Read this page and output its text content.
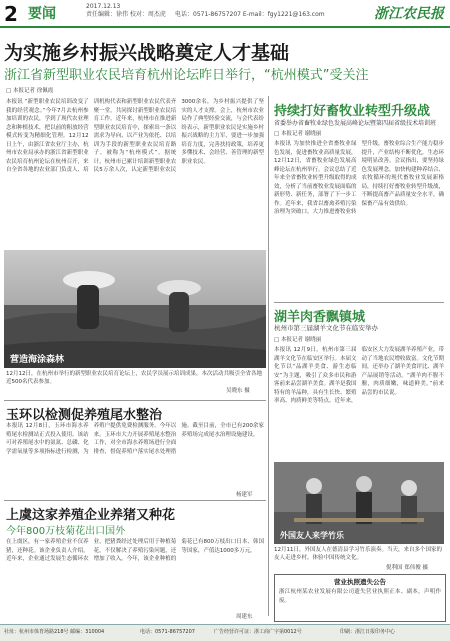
2 要闻	2017.12.13
责任编辑：徐伟 校对：周杰虎 电话：0571-86757207 E-mail：fgy1221@163.com	浙江农民报
为实施乡村振兴战略奠定人才基础
浙江省新型职业农民培育杭州论坛昨日举行，“杭州模式”受关注
□ 本报记者 徐佩霞
本报讯 “新型职业农民培训改变了我的经营观念。”今年7月去杭州参加培训的农民，学到了现代农业理念和种植技术，把以前的粗放经营模式转变为精细化管理。12月12日上午，由浙江省农业厅主办，杭州市农业局承办的浙江省新型职业农民培育杭州论坛在杭州召开，来自全省各地的农业部门负责人、培训机构代表和新型职业农民代表齐聚一堂，共同探讨新型职业农民培育工作。近年来，杭州市在推进新型职业农民培育中，探索出一条以需求为导向、以产业为依托、以培训为手段的新型职业农民培育路子，被称为“杭州模式”。据统计，杭州市已累计培训新型职业农民5万余人次，认定新型职业农民3000余名，为乡村振兴提供了坚实的人才支撑。会上，杭州市农业局作了典型经验交流，与会代表纷纷表示，新型职业农民是实施乡村振兴战略的主力军，要进一步加强培育力度，完善扶持政策，培养更多懂技术、会经营、善管理的新型职业农民。
营造海涂森林
12月12日，在杭州市举行的新型职业农民培育论坛上，农民学员展示培训成果。本次活动共吸引全省各地近500名代表参加。
吴晓东 摄
持续打好畜牧业转型升级战
省委举办省畜牧业绿色发展高峰论坛暨第四届省级技术培训班
□ 本报记者 谢晓丽
本报讯 为加快推进全省畜牧业绿色发展，促进畜牧业高质量发展，12月12日，省畜牧业绿色发展高峰论坛在杭州举行。会议总结了近年来全省畜牧业转型升级取得的成效，分析了当前畜牧业发展面临的新形势、新任务，部署了下一步工作。近年来，我省以畜禽养殖污染治理为突破口，大力推进畜牧业转型升级，畜牧业综合生产能力稳步提升，产业结构不断优化，生态环境明显改善。会议指出，要坚持绿色发展理念，加快构建种养结合、农牧循环的现代畜牧业发展新格局，持续打好畜牧业转型升级战，不断提高畜产品质量安全水平，确保畜产品有效供给。
湖羊肉香飘镇城
杭州市第三届湖羊文化节在临安举办
□ 本报记者 谢晓丽
本报讯 12月9日，杭州市第三届湖羊文化节在临安区举行。本届文化节以“品湖羊美食、游生态临安”为主题，吸引了众多市民和游客前来品尝湖羊美食。湖羊是我国特有的羊品种，具有生长快、繁殖率高、肉质鲜美等特点。近年来，临安区大力发展湖羊养殖产业，带动了当地农民增收致富。文化节期间，还举办了湖羊美食评比、湖羊产品展销等活动。“湖羊肉不腥不膻，肉质细嫩，味道鲜美。”前来品尝的市民说。
外国友人来学竹乐
12月11日，外国友人在德清县学习竹乐演奏。当天，来自多个国家的友人走进乡村，体验中国传统文化。
倪利国 郑伟俊 摄
营业执照遗失公告
浙江杭州某农业发展有限公司遗失营业执照正本、副本，声明作废。
玉环以检测促养殖尾水整治
本报讯 12月8日，玉环市海水养殖尾水检测站正式投入使用。该站可对养殖尾水中的氨氮、总磷、化学需氧量等多项指标进行检测，为养殖户提供免费检测服务。今年以来，玉环市大力开展养殖尾水整治工作，对全市海水养殖场进行全面排查，督促养殖户落实尾水处理措施。截至目前，全市已有200余家养殖场完成尾水治理设施建设。
杨建军
上虞这家养殖企业养猪又种花
今年800万枝菊花出口国外
在上虞区，有一家养殖企业不仅养猪，还种花。该企业负责人介绍，近年来，企业通过发展生态循环农业，把猪粪经过处理后用于种植菊花，不仅解决了养殖污染问题，还增加了收入。今年，该企业种植的菊花已有800万枝出口日本、韩国等国家，产值达1000多万元。
周建东
社址：杭州市体育场路218号 邮编：310004	电话：0571-86757207	广告经营许可证：浙工商广字第0012号	印刷：浙江日报印务中心
